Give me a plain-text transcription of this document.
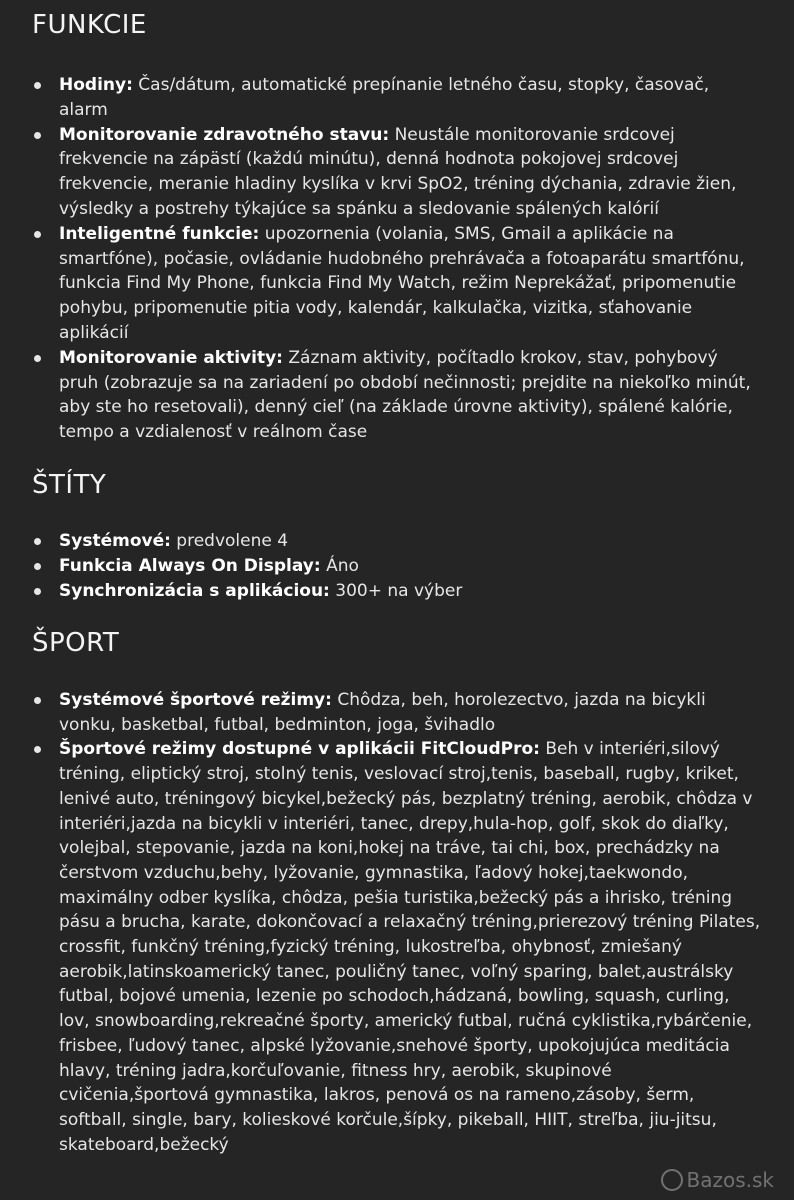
FUNKCIE
Hodiny: Čas/dátum, automatické prepínanie letného času, stopky, časovač, alarm
Monitorovanie zdravotného stavu: Neustále monitorovanie srdcovej frekvencie na zápästí (každú minútu), denná hodnota pokojovej srdcovej frekvencie, meranie hladiny kyslíka v krvi SpO2, tréning dýchania, zdravie žien, výsledky a postrehy týkajúce sa spánku a sledovanie spálených kalórií
Inteligentné funkcie: upozornenia (volania, SMS, Gmail a aplikácie na smartfóne), počasie, ovládanie hudobného prehrávača a fotoaparátu smartfónu, funkcia Find My Phone, funkcia Find My Watch, režim Neprekážať, pripomenutie pohybu, pripomenutie pitia vody, kalendár, kalkulačka, vizitka, sťahovanie aplikácií
Monitorovanie aktivity: Záznam aktivity, počítadlo krokov, stav, pohybový pruh (zobrazuje sa na zariadení po období nečinnosti; prejdite na niekoľko minút, aby ste ho resetovali), denný cieľ (na základe úrovne aktivity), spálené kalórie, tempo a vzdialenosť v reálnom čase
ŠTÍTY
Systémové: predvolene 4
Funkcia Always On Display: Áno
Synchronizácia s aplikáciou: 300+ na výber
ŠPORT
Systémové športové režimy: Chôdza, beh, horolezectvo, jazda na bicykli vonku, basketbal, futbal, bedminton, joga, švihadlo
Športové režimy dostupné v aplikácii FitCloudPro: Beh v interiéri,silový tréning, eliptický stroj, stolný tenis, veslovací stroj,tenis, baseball, rugby, kriket, lenivé auto, tréningový bicykel,bežecký pás, bezplatný tréning, aerobik, chôdza v interiéri,jazda na bicykli v interiéri, tanec, drepy,hula-hop, golf, skok do diaľky, volejbal, stepovanie, jazda na koni,hokej na tráve, tai chi, box, prechádzky na čerstvom vzduchu,behy, lyžovanie, gymnastika, ľadový hokej,taekwondo, maximálny odber kyslíka, chôdza, pešia turistika,bežecký pás a ihrisko, tréning pásu a brucha, karate, dokončovací a relaxačný tréning,prierezový tréning Pilates, crossfit, funkčný tréning,fyzický tréning, lukostreľba, ohybnosť, zmiešaný aerobik,latinskoamerický tanec, pouličný tanec, voľný sparing, balet,austrálsky futbal, bojové umenia, lezenie po schodoch,hádzaná, bowling, squash, curling, lov, snowboarding,rekreačné športy, americký futbal, ručná cyklistika,rybárčenie, frisbee, ľudový tanec, alpské lyžovanie,snehové športy, upokojujúca meditácia hlavy, tréning jadra,korčuľovanie, fitness hry, aerobik, skupinové cvičenia,športová gymnastika, lakros, penová os na rameno,zásoby, šerm, softball, single, bary, kolieskové korčule,šípky, pikeball, HIIT, streľba, jiu-jitsu, skateboard,bežecký
Bazos.sk
